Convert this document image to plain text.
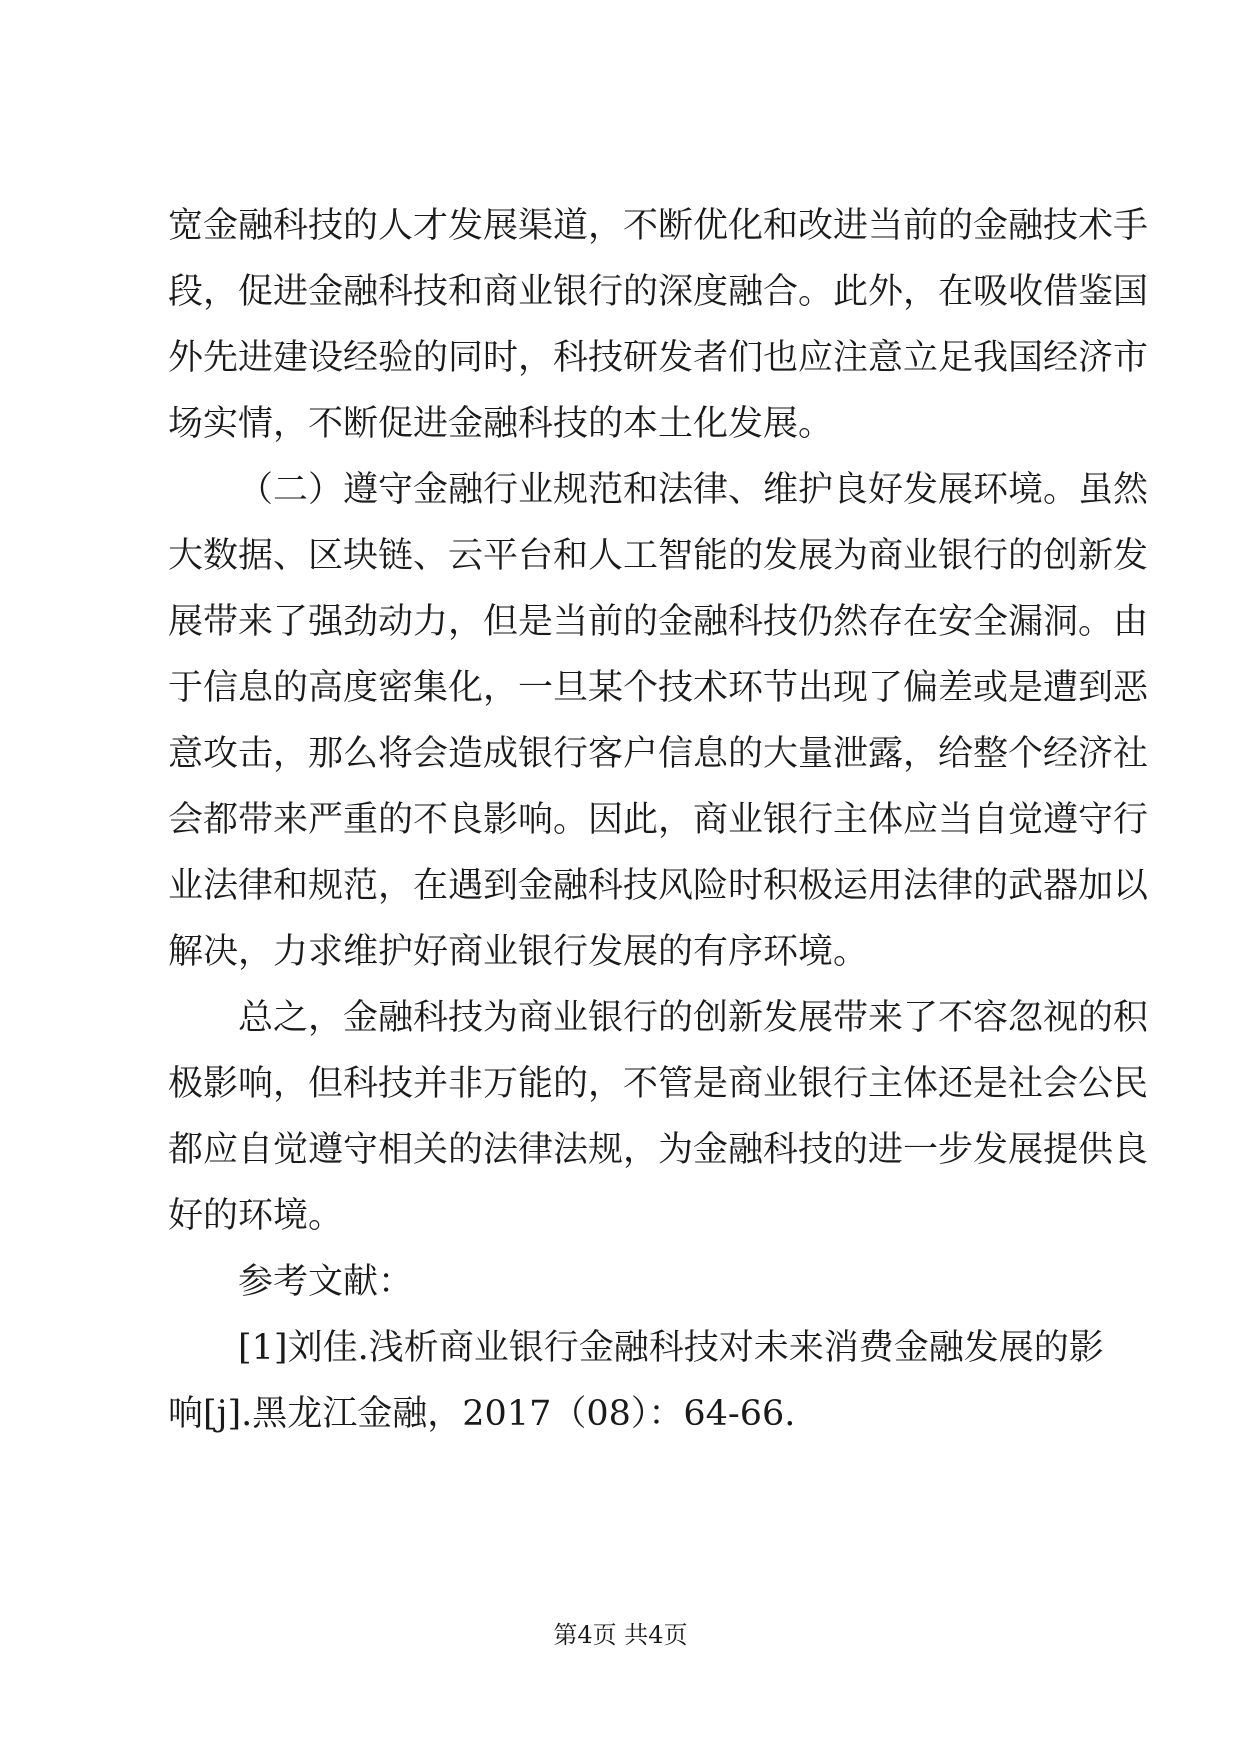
宽金融科技的人才发展渠道，不断优化和改进当前的金融技术手
段，促进金融科技和商业银行的深度融合。此外，在吸收借鉴国
外先进建设经验的同时，科技研发者们也应注意立足我国经济市
场实情，不断促进金融科技的本土化发展。
（二）遵守金融行业规范和法律、维护良好发展环境。虽然
大数据、区块链、云平台和人工智能的发展为商业银行的创新发
展带来了强劲动力，但是当前的金融科技仍然存在安全漏洞。由
于信息的高度密集化，一旦某个技术环节出现了偏差或是遭到恶
意攻击，那么将会造成银行客户信息的大量泄露，给整个经济社
会都带来严重的不良影响。因此，商业银行主体应当自觉遵守行
业法律和规范，在遇到金融科技风险时积极运用法律的武器加以
解决，力求维护好商业银行发展的有序环境。
总之，金融科技为商业银行的创新发展带来了不容忽视的积
极影响，但科技并非万能的，不管是商业银行主体还是社会公民
都应自觉遵守相关的法律法规，为金融科技的进一步发展提供良
好的环境。
参考文献：
[1]刘佳.浅析商业银行金融科技对未来消费金融发展的影
响[j].黑龙江金融，2017（08）：64-66.
第4页 共4页
